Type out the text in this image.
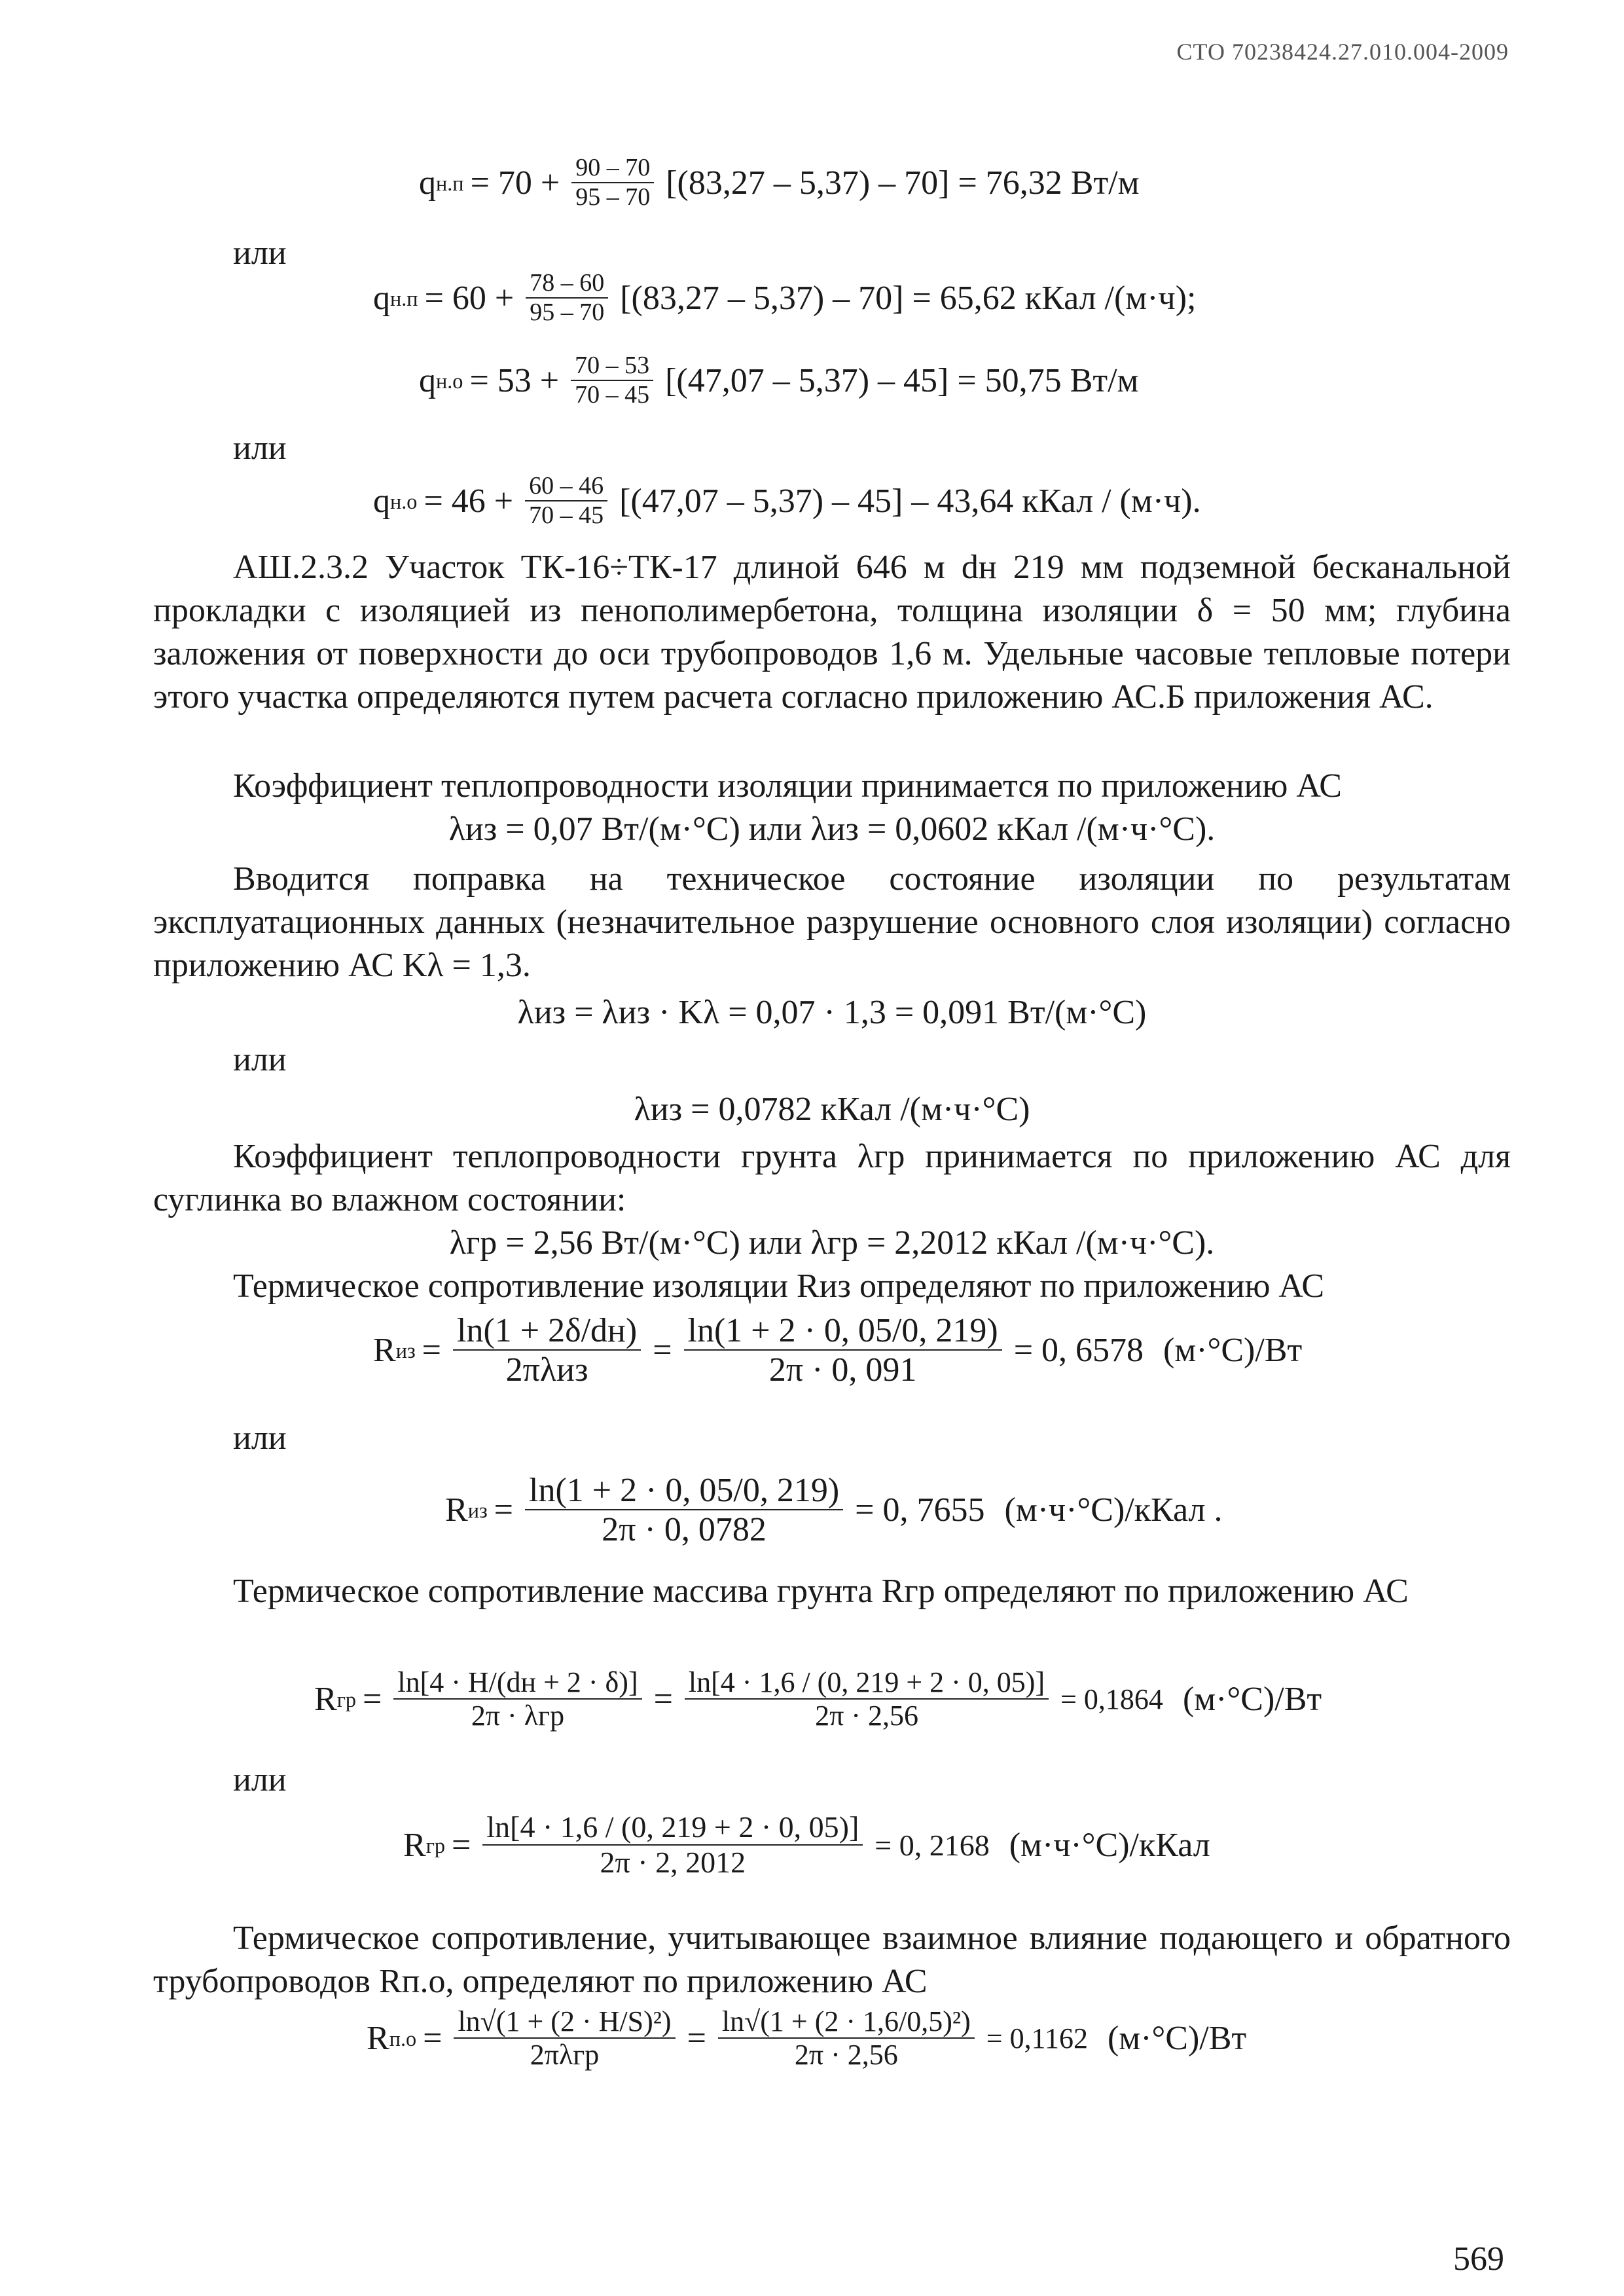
СТО 70238424.27.010.004-2009
q $н.п = 70 + \frac{90 - 70}{95 - 70} [(83,27 - 5,37) - 70] = 76,32$ Вт/м
или
q $н.п = 60 + \frac{78 - 60}{95 - 70} [(83,27 - 5,37) - 70] = 65,62$ кКал /(м·ч);
q $н.о = 53 + \frac{70 - 53}{70 - 45} [(47,07 - 5,37) - 45] = 50,75$ Вт/м
или
q $н.о = 46 + \frac{60 - 46}{70 - 45} [(47,07 - 5,37) - 45] - 43,64$ кКал / (м·ч).
АШ.2.3.2 Участок ТК-16÷ТК-17 длиной 646 м dн 219 мм подземной бесканальной прокладки с изоляцией из пенополимербетона, толщина изоляции δ = 50 мм; глубина заложения от поверхности до оси трубопроводов 1,6 м. Удельные часовые тепловые потери этого участка определяются путем расчета согласно приложению АС.Б приложения АС.
Коэффициент теплопроводности изоляции принимается по приложению АС
λиз = 0,07 Вт/(м·°С) или λиз = 0,0602 кКал /(м·ч·°С).
Вводится поправка на техническое состояние изоляции по результатам эксплуатационных данных (незначительное разрушение основного слоя изоляции) согласно приложению АС Kλ = 1,3.
λиз = λиз · Kλ = 0,07 · 1,3 = 0,091 Вт/(м·°С)
или
λиз = 0,0782 кКал /(м·ч·°С)
Коэффициент теплопроводности грунта λгр принимается по приложению АС для суглинка во влажном состоянии:
λгр = 2,56 Вт/(м·°С) или λгр = 2,2012 кКал /(м·ч·°С).
Термическое сопротивление изоляции Rиз определяют по приложению АС
R из = $\frac{\ln(1 + 2\delta/dн)}{\text{2πλиз}} = \frac{\ln(1 + 2 \cdot 0, 05/0, 219)}{2\pi \cdot 0, 091} = 0$, 6578 (м·°С)/Вт
или
R из = $\frac{\ln(1 + 2 \cdot 0, 05/0, 219)}{2\pi \cdot 0, 0782} = 0$, 7655 (м·ч·°С)/кКал .
Термическое сопротивление массива грунта Rгр определяют по приложению АС
R гр = $\frac{\ln[4 \cdot H/(dн + 2 \cdot \delta)]}{\text{2π · λгр}} = \frac{\ln[4 \cdot 1,6 / (0, 219 + 2 \cdot 0, 05)]}{2\pi \cdot 2,56} = 0,1864$ (м·°С)/Вт
или
R гр = $\frac{\ln[4 \cdot 1,6 / (0, 219 + 2 \cdot 0, 05)]}{2\pi \cdot 2, 2012} = 0$, 2168 (м·ч·°С)/кКал
Термическое сопротивление, учитывающее взаимное влияние подающего и обратного трубопроводов Rп.о, определяют по приложению АС
R $п.о = \frac{\text{ln√(1 + (2 · H/S)²)}}{\text{2πλгр}} = \frac{\text{ln√(1 + (2 · 1,6/0,5)²)}}{2\pi \cdot 2,56} = 0,1162$ (м·°С)/Вт
569
